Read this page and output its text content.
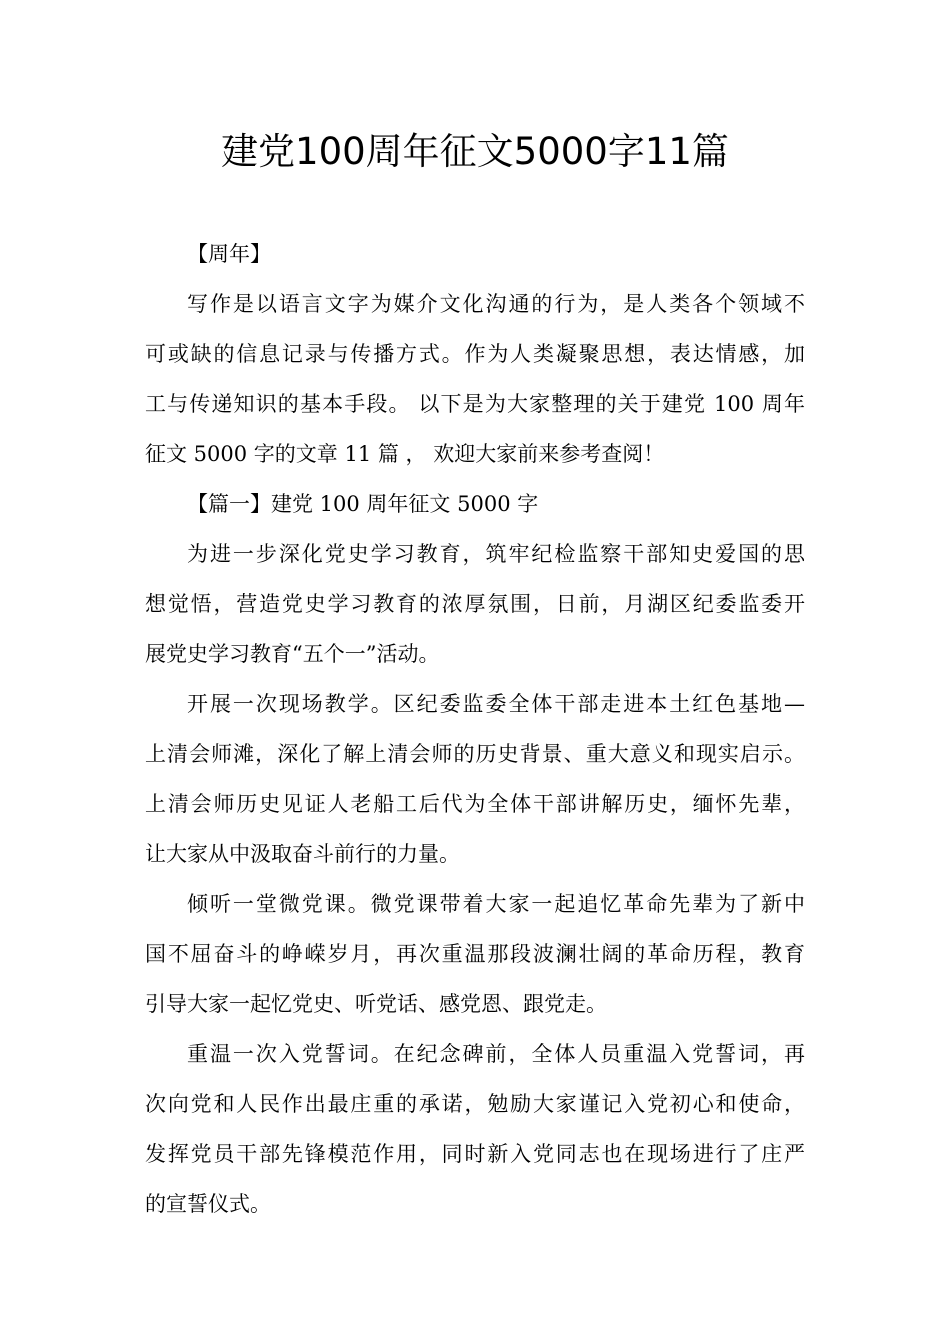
建党100周年征文5000字11篇
【周年】
写作是以语言文字为媒介文化沟通的行为，是人类各个领域不
可或缺的信息记录与传播方式。作为人类凝聚思想，表达情感，加
工与传递知识的基本手段。 以下是为大家整理的关于建党 100 周年
征文 5000 字的文章 11 篇 ， 欢迎大家前来参考查阅！
【篇一】建党 100 周年征文 5000 字
为进一步深化党史学习教育，筑牢纪检监察干部知史爱国的思
想觉悟，营造党史学习教育的浓厚氛围，日前，月湖区纪委监委开
展党史学习教育“五个一”活动。
开展一次现场教学。区纪委监委全体干部走进本土红色基地—
上清会师滩，深化了解上清会师的历史背景、重大意义和现实启示。
上清会师历史见证人老船工后代为全体干部讲解历史，缅怀先辈，
让大家从中汲取奋斗前行的力量。
倾听一堂微党课。微党课带着大家一起追忆革命先辈为了新中
国不屈奋斗的峥嵘岁月，再次重温那段波澜壮阔的革命历程，教育
引导大家一起忆党史、听党话、感党恩、跟党走。
重温一次入党誓词。在纪念碑前，全体人员重温入党誓词，再
次向党和人民作出最庄重的承诺，勉励大家谨记入党初心和使命，
发挥党员干部先锋模范作用，同时新入党同志也在现场进行了庄严
的宣誓仪式。
